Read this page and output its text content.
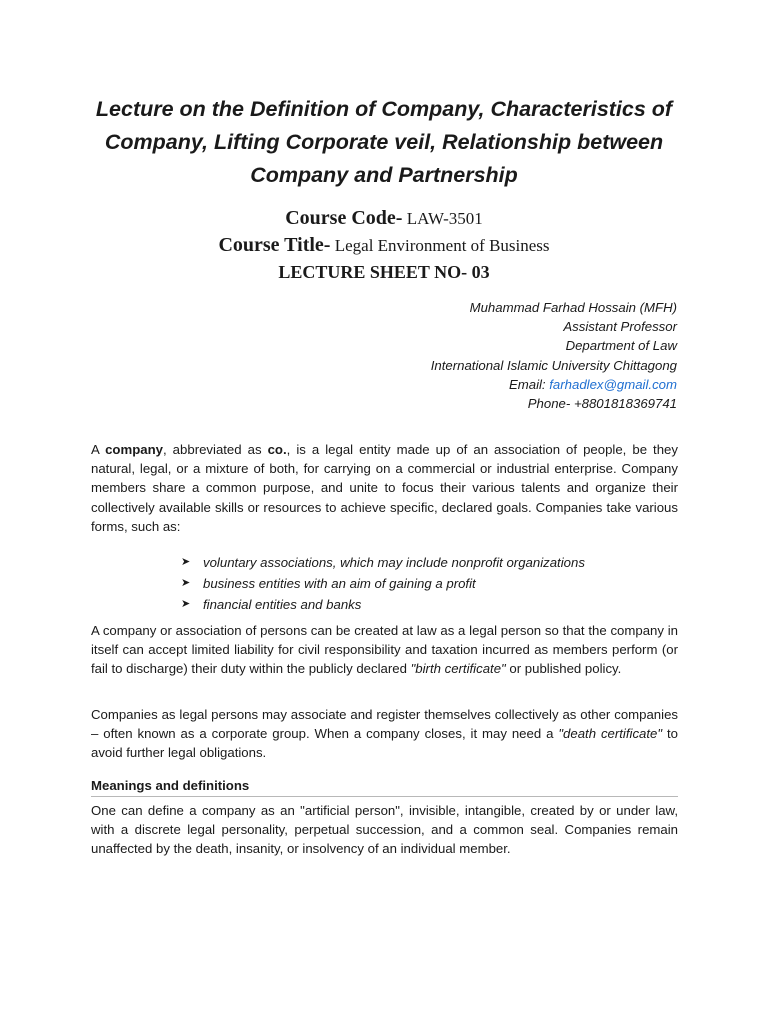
Lecture on the Definition of Company, Characteristics of Company, Lifting Corporate veil, Relationship between Company and Partnership
Course Code- LAW-3501
Course Title- Legal Environment of Business
LECTURE SHEET NO- 03
Muhammad Farhad Hossain (MFH)
Assistant Professor
Department of Law
International Islamic University Chittagong
Email: farhadlex@gmail.com
Phone- +8801818369741
A company, abbreviated as co., is a legal entity made up of an association of people, be they natural, legal, or a mixture of both, for carrying on a commercial or industrial enterprise. Company members share a common purpose, and unite to focus their various talents and organize their collectively available skills or resources to achieve specific, declared goals. Companies take various forms, such as:
➤ voluntary associations, which may include nonprofit organizations
➤ business entities with an aim of gaining a profit
➤ financial entities and banks
A company or association of persons can be created at law as a legal person so that the company in itself can accept limited liability for civil responsibility and taxation incurred as members perform (or fail to discharge) their duty within the publicly declared "birth certificate" or published policy.
Companies as legal persons may associate and register themselves collectively as other companies – often known as a corporate group. When a company closes, it may need a "death certificate" to avoid further legal obligations.
Meanings and definitions
One can define a company as an "artificial person", invisible, intangible, created by or under law, with a discrete legal personality, perpetual succession, and a common seal. Companies remain unaffected by the death, insanity, or insolvency of an individual member.
